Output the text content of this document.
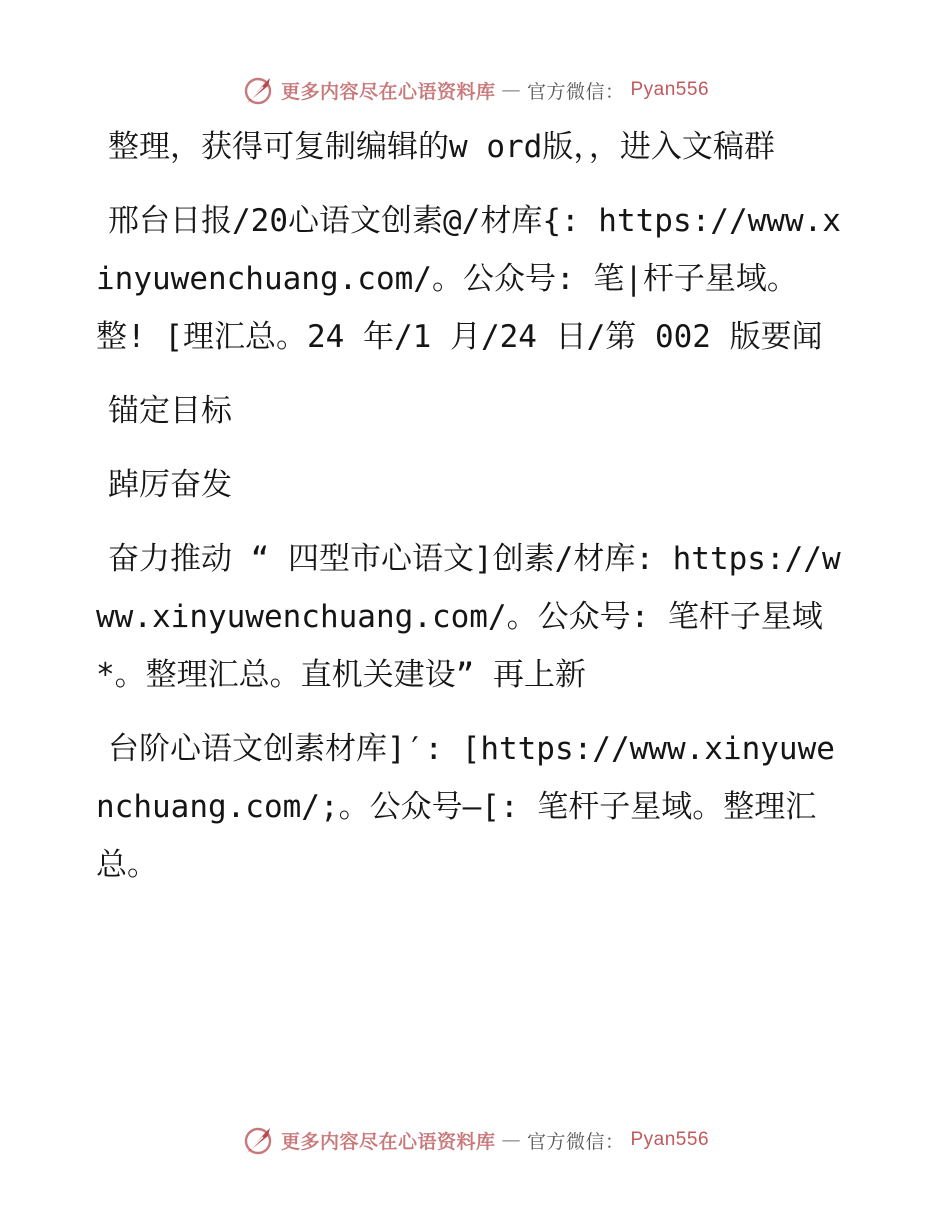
更多内容尽在心语资料库 — 官方微信： Pyan556

整理，获得可复制编辑的w ord版，，进入文稿群

邢台日报/20心语文创素@/材库{: https://www.xinyuwenchuang.com/。公众号: 笔|杆子星域。整! [理汇总。24 年/1 月/24 日/第 002 版要闻

锚定目标

踔厉奋发

奋力推动 “ 四型市心语文]创素/材库: https://www.xinyuwenchuang.com/。公众号: 笔杆子星域*。整理汇总。直机关建设” 再上新

台阶心语文创素材库]′: [https://www.xinyuwenchuang.com/;。公众号—[: 笔杆子星域。整理汇总。

更多内容尽在心语资料库 — 官方微信： Pyan556
